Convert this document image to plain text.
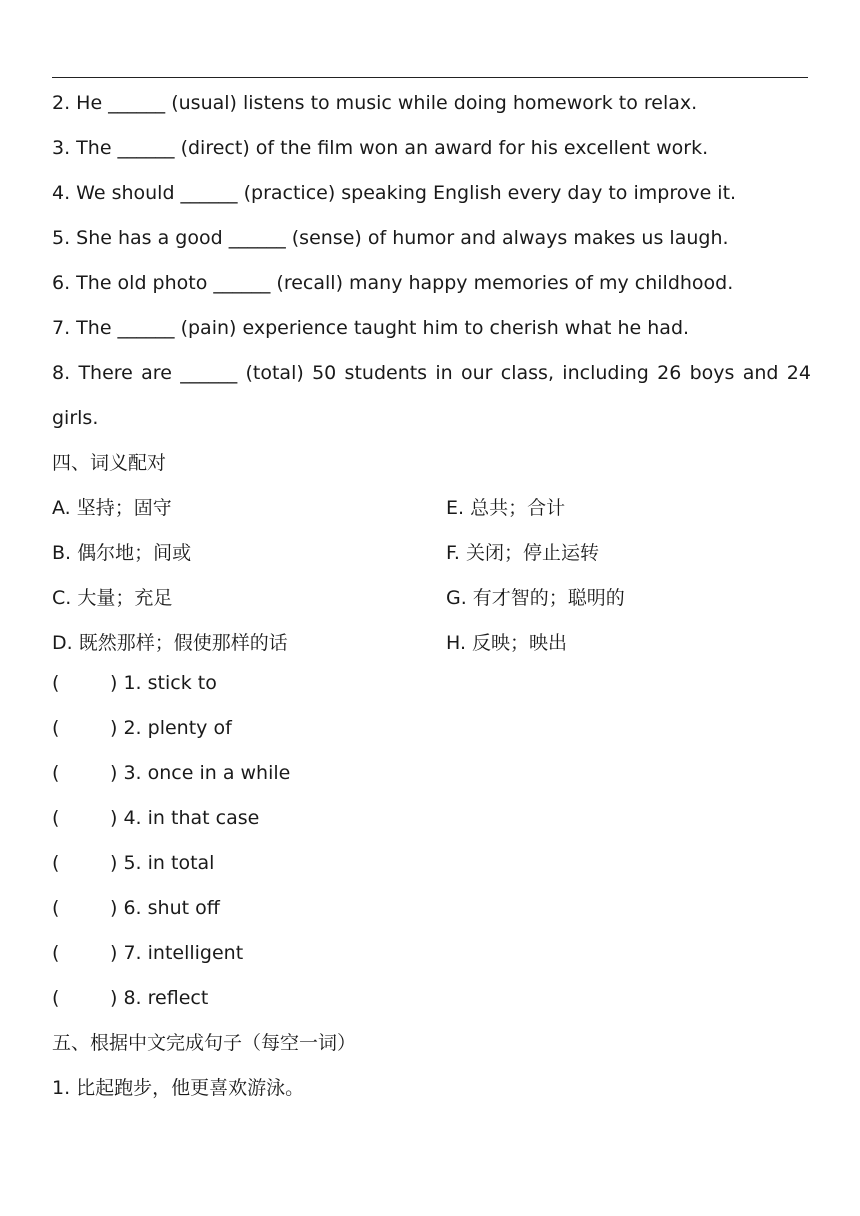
2. He ______ (usual) listens to music while doing homework to relax.
3. The ______ (direct) of the film won an award for his excellent work.
4. We should ______ (practice) speaking English every day to improve it.
5. She has a good ______ (sense) of humor and always makes us laugh.
6. The old photo ______ (recall) many happy memories of my childhood.
7. The ______ (pain) experience taught him to cherish what he had.
8. There are ______ (total) 50 students in our class, including 26 boys and 24
girls.
四、词义配对
A. 坚持；固守	E. 总共；合计
B. 偶尔地；间或	F. 关闭；停止运转
C. 大量；充足	G. 有才智的；聪明的
D. 既然那样；假使那样的话	H. 反映；映出
(	) 1. stick to
(	) 2. plenty of
(	) 3. once in a while
(	) 4. in that case
(	) 5. in total
(	) 6. shut off
(	) 7. intelligent
(	) 8. reflect
五、根据中文完成句子（每空一词）
1. 比起跑步，他更喜欢游泳。
